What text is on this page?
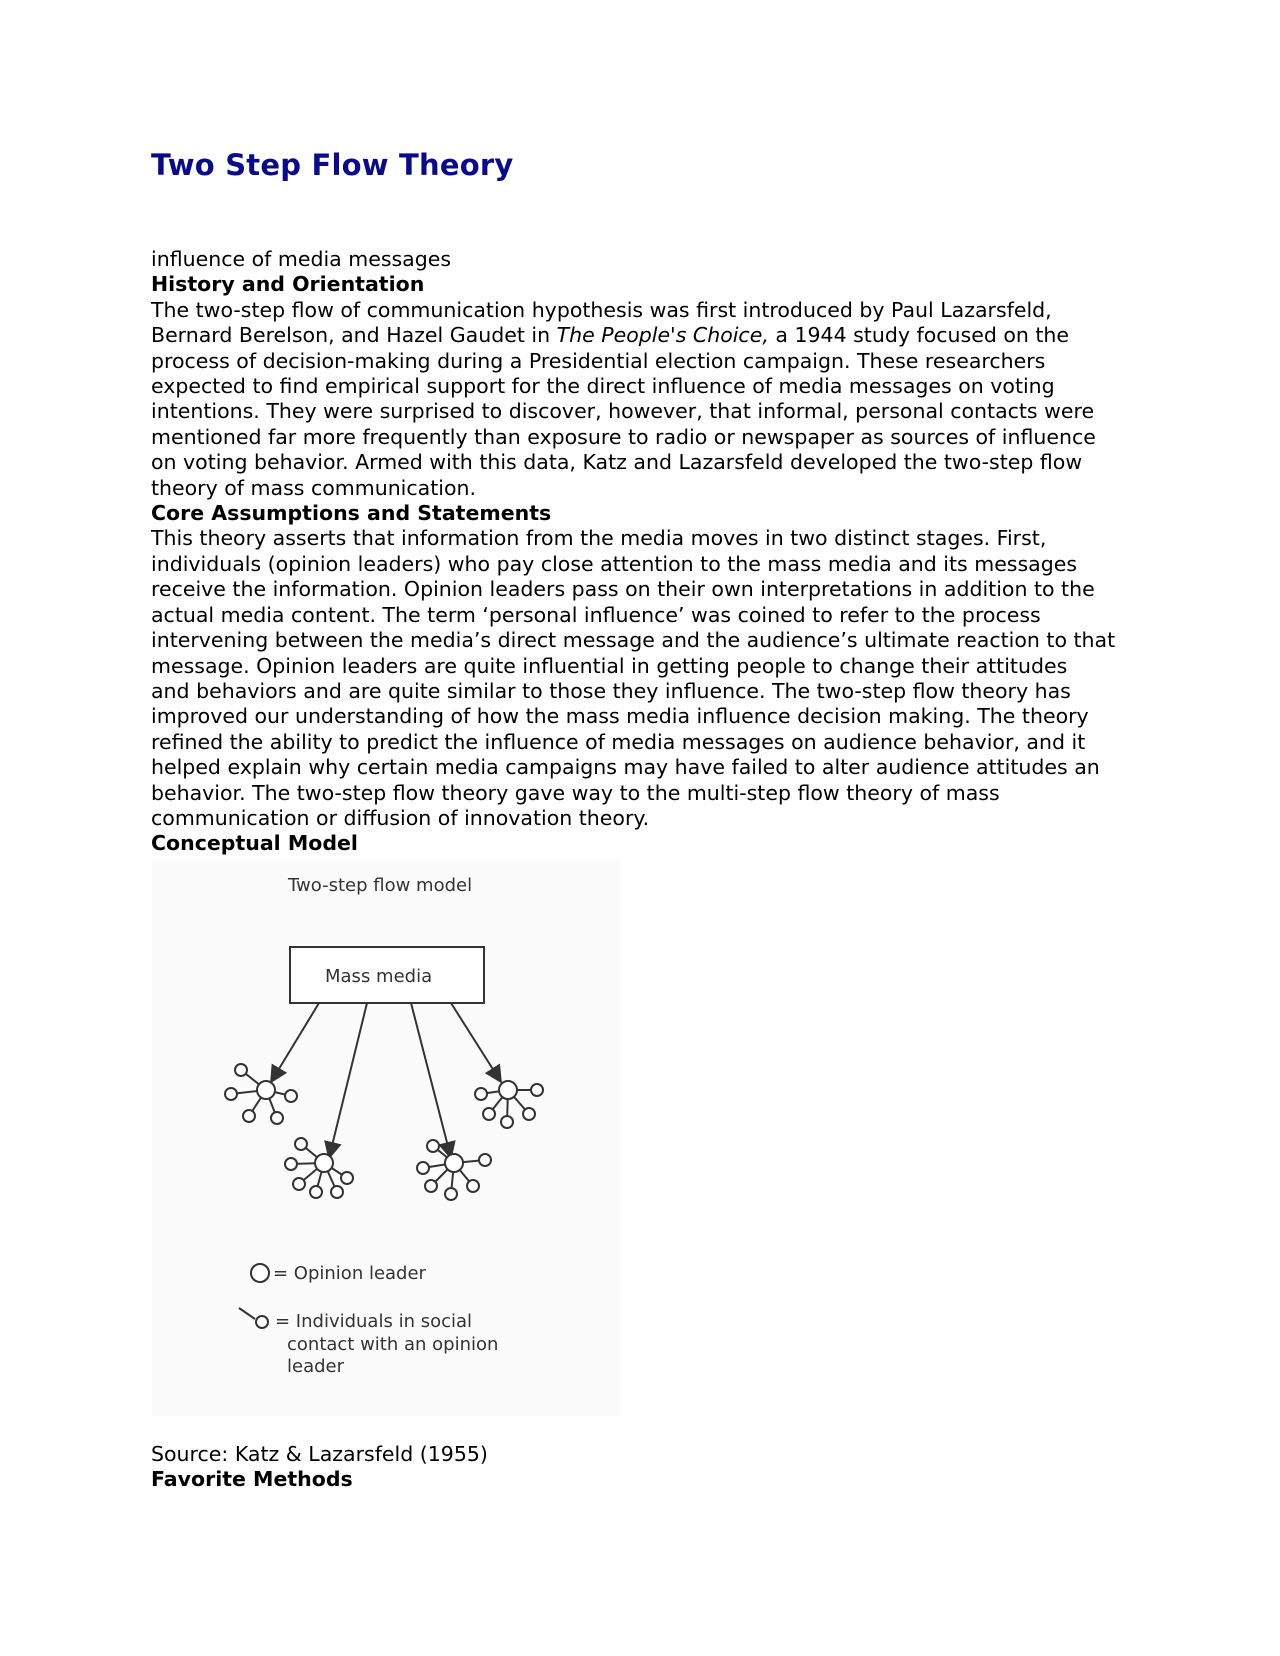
Two Step Flow Theory
influence of media messages
History and Orientation
The two-step flow of communication hypothesis was first introduced by Paul Lazarsfeld,
Bernard Berelson, and Hazel Gaudet in The People's Choice, a 1944 study focused on the
process of decision-making during a Presidential election campaign. These researchers
expected to find empirical support for the direct influence of media messages on voting
intentions. They were surprised to discover, however, that informal, personal contacts were
mentioned far more frequently than exposure to radio or newspaper as sources of influence
on voting behavior. Armed with this data, Katz and Lazarsfeld developed the two-step flow
theory of mass communication.
Core Assumptions and Statements
This theory asserts that information from the media moves in two distinct stages. First,
individuals (opinion leaders) who pay close attention to the mass media and its messages
receive the information. Opinion leaders pass on their own interpretations in addition to the
actual media content. The term ‘personal influence’ was coined to refer to the process
intervening between the media’s direct message and the audience’s ultimate reaction to that
message. Opinion leaders are quite influential in getting people to change their attitudes
and behaviors and are quite similar to those they influence. The two-step flow theory has
improved our understanding of how the mass media influence decision making. The theory
refined the ability to predict the influence of media messages on audience behavior, and it
helped explain why certain media campaigns may have failed to alter audience attitudes an
behavior. The two-step flow theory gave way to the multi-step flow theory of mass
communication or diffusion of innovation theory.
Conceptual Model
Two-step flow model
Mass media
= Opinion leader
= Individuals in social
contact with an opinion
leader
Source: Katz & Lazarsfeld (1955)
Favorite Methods
